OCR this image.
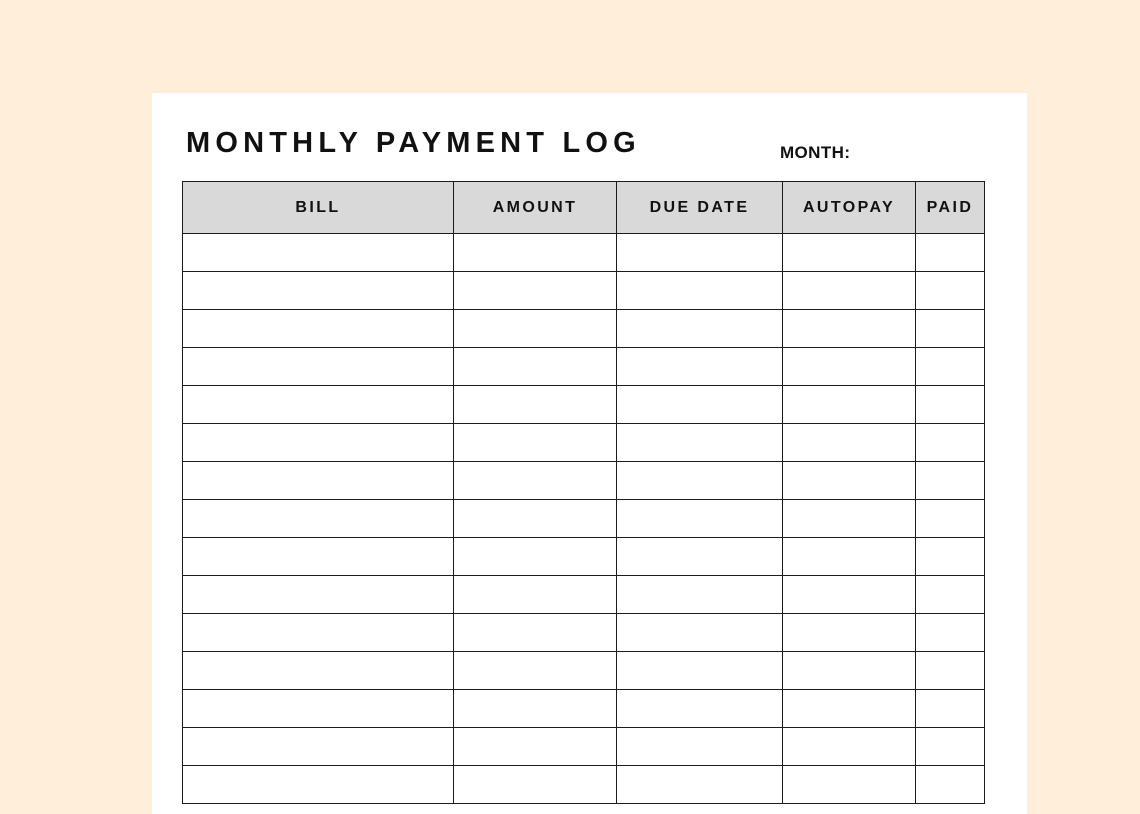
MONTHLY PAYMENT LOG	MONTH:
BILL	AMOUNT	DUE DATE	AUTOPAY	PAID
